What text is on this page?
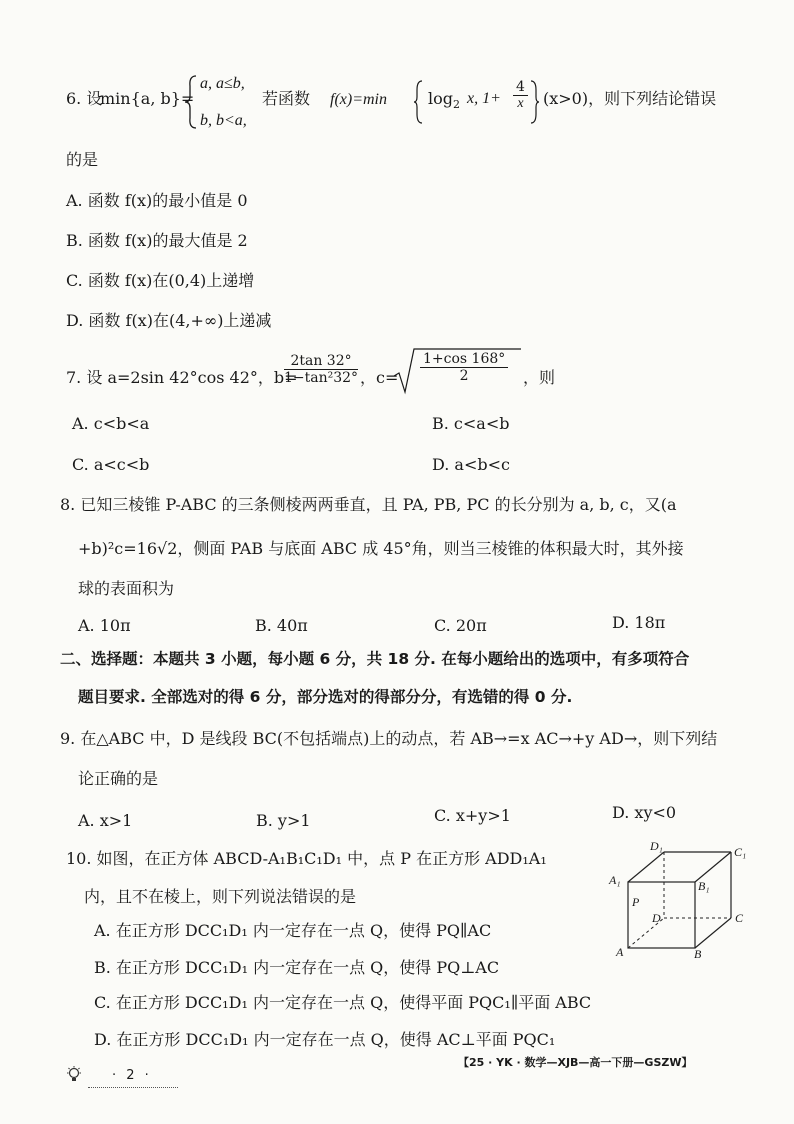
6. 设
min{a, b}=
a, a≤b,
b, b<a,
若函数 f(x)=min	$\log_2 x$, $1+ \frac{4}{x} (x>0)$，则下列结论错误
的是
A. 函数 f(x)的最小值是 0
B. 函数 f(x)的最大值是 2
C. 函数 f(x)在(0,4)上递增
D. 函数 f(x)在(4,+∞)上递减
7. 设 a=2sin 42°cos 42°，b=
$\frac{2\tan 32^\circ}{\text{1−tan²32°}}$ ，$c= \frac{1+\cos 168^\circ}{2}$ ，则
A. c<b<a	B. c<a<b
C. a<c<b	D. a<b<c
8. 已知三棱锥 P-ABC 的三条侧棱两两垂直，且 PA, PB, PC 的长分别为 a, b, c，又(a
+b)²c=16√2，侧面 PAB 与底面 ABC 成 45°角，则当三棱锥的体积最大时，其外接
球的表面积为
A. 10π	B. 40π	C. 20π	D. 18π
二、选择题：本题共 3 小题，每小题 6 分，共 18 分. 在每小题给出的选项中，有多项符合
题目要求. 全部选对的得 6 分，部分选对的得部分分，有选错的得 0 分.
9. 在△ABC 中，D 是线段 BC(不包括端点)上的动点，若 AB→=x AC→+y AD→，则下列结
论正确的是
A. x>1	B. y>1	C. x+y>1	D. xy<0
10. 如图，在正方体 ABCD-A₁B₁C₁D₁ 中，点 P 在正方形 ADD₁A₁
内，且不在棱上，则下列说法错误的是
A. 在正方形 DCC₁D₁ 内一定存在一点 Q，使得 PQ∥AC
B. 在正方形 DCC₁D₁ 内一定存在一点 Q，使得 PQ⊥AC
C. 在正方形 DCC₁D₁ 内一定存在一点 Q，使得平面 PQC₁∥平面 ABC
D. 在正方形 DCC₁D₁ 内一定存在一点 Q，使得 AC⊥平面 PQC₁
D₁	C₁
A₁	B₁
P
D	C
A	B
· 2 ·
【25 · YK · 数学—XJB—高一下册—GSZW】
